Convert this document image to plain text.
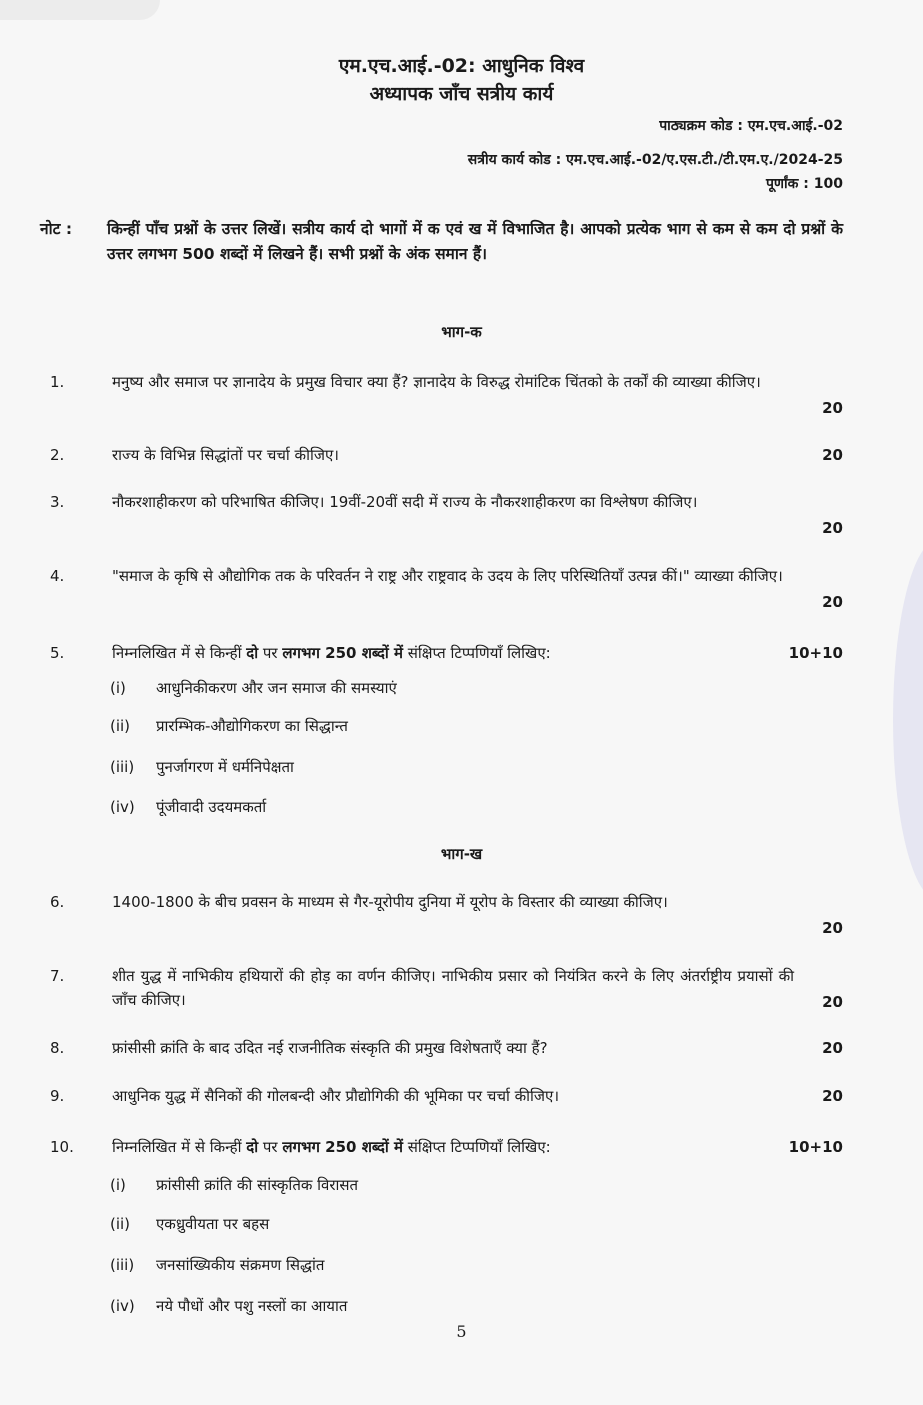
एम.एच.आई.-02: आधुनिक विश्व
अध्यापक जाँच सत्रीय कार्य
पाठ्यक्रम कोड : एम.एच.आई.-02
सत्रीय कार्य कोड : एम.एच.आई.-02/ए.एस.टी./टी.एम.ए./2024-25
पूर्णांक : 100
नोट : किन्हीं पाँच प्रश्नों के उत्तर लिखें। सत्रीय कार्य दो भागों में क एवं ख में विभाजित है। आपको प्रत्येक भाग से कम से कम दो प्रश्नों के उत्तर लगभग 500 शब्दों में लिखने हैं। सभी प्रश्नों के अंक समान हैं।
भाग-क
1.	मनुष्य और समाज पर ज्ञानादेय के प्रमुख विचार क्या हैं? ज्ञानादेय के विरुद्ध रोमांटिक चिंतको के तर्कों की व्याख्या कीजिए।
20
2.	राज्य के विभिन्न सिद्धांतों पर चर्चा कीजिए।	20
3.	नौकरशाहीकरण को परिभाषित कीजिए। 19वीं-20वीं सदी में राज्य के नौकरशाहीकरण का विश्लेषण कीजिए।
20
4.	"समाज के कृषि से औद्योगिक तक के परिवर्तन ने राष्ट्र और राष्ट्रवाद के उदय के लिए परिस्थितियाँ उत्पन्न कीं।" व्याख्या कीजिए।
20
5.	निम्नलिखित में से किन्हीं दो पर लगभग 250 शब्दों में संक्षिप्त टिप्पणियाँ लिखिए:	10+10
(i) आधुनिकीकरण और जन समाज की समस्याएं
(ii) प्रारम्भिक-औद्योगिकरण का सिद्धान्त
(iii) पुनर्जागरण में धर्मनिपेक्षता
(iv) पूंजीवादी उदयमकर्ता
भाग-ख
6.	1400-1800 के बीच प्रवसन के माध्यम से गैर-यूरोपीय दुनिया में यूरोप के विस्तार की व्याख्या कीजिए।
20
7.	शीत युद्ध में नाभिकीय हथियारों की होड़ का वर्णन कीजिए। नाभिकीय प्रसार को नियंत्रित करने के लिए अंतर्राष्ट्रीय प्रयासों की जाँच कीजिए।	20
8.	फ्रांसीसी क्रांति के बाद उदित नई राजनीतिक संस्कृति की प्रमुख विशेषताएँ क्या हैं?	20
9.	आधुनिक युद्ध में सैनिकों की गोलबन्दी और प्रौद्योगिकी की भूमिका पर चर्चा कीजिए।	20
10.	निम्नलिखित में से किन्हीं दो पर लगभग 250 शब्दों में संक्षिप्त टिप्पणियाँ लिखिए:	10+10
(i) फ्रांसीसी क्रांति की सांस्कृतिक विरासत
(ii) एकध्रुवीयता पर बहस
(iii) जनसांख्यिकीय संक्रमण सिद्धांत
(iv) नये पौधों और पशु नस्लों का आयात
5
